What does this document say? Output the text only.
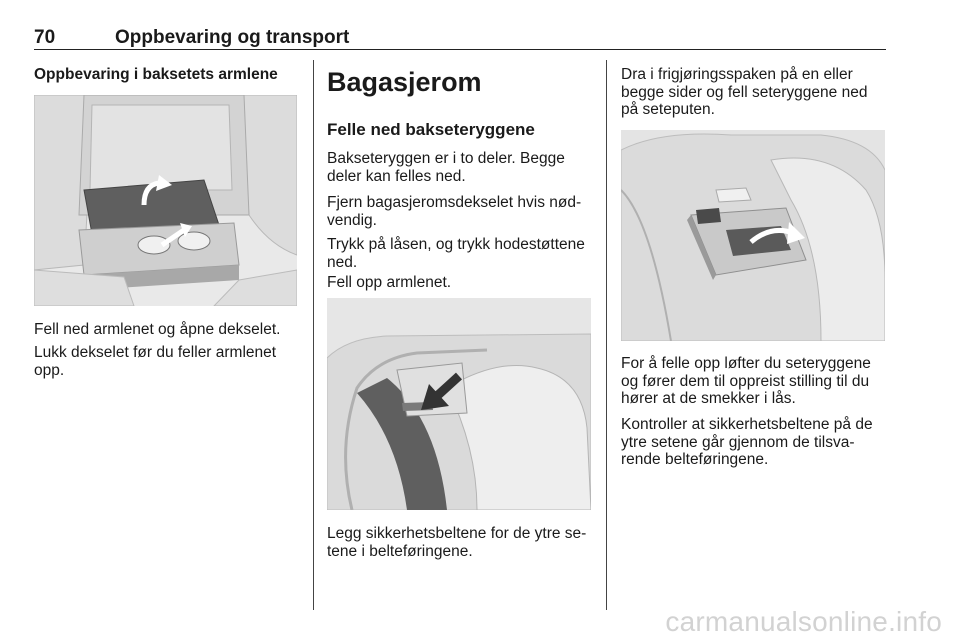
70	Oppbevaring og transport
Oppbevaring i baksetets armlene
Fell ned armlenet og åpne dekselet.
Lukk dekselet før du feller armlenet opp.
Bagasjerom
Felle ned bakseteryggene
Bakseteryggen er i to deler. Begge deler kan felles ned.
Fjern bagasjeromsdekselet hvis nød-vendig.
Trykk på låsen, og trykk hodestøttene ned.
Fell opp armlenet.
Legg sikkerhetsbeltene for de ytre se-tene i belteføringene.
Dra i frigjøringsspaken på en eller begge sider og fell seteryggene ned på seteputen.
For å felle opp løfter du seteryggene og fører dem til oppreist stilling til du hører at de smekker i lås.
Kontroller at sikkerhetsbeltene på de ytre setene går gjennom de tilsva-rende belteføringene.
carmanualsonline.info
